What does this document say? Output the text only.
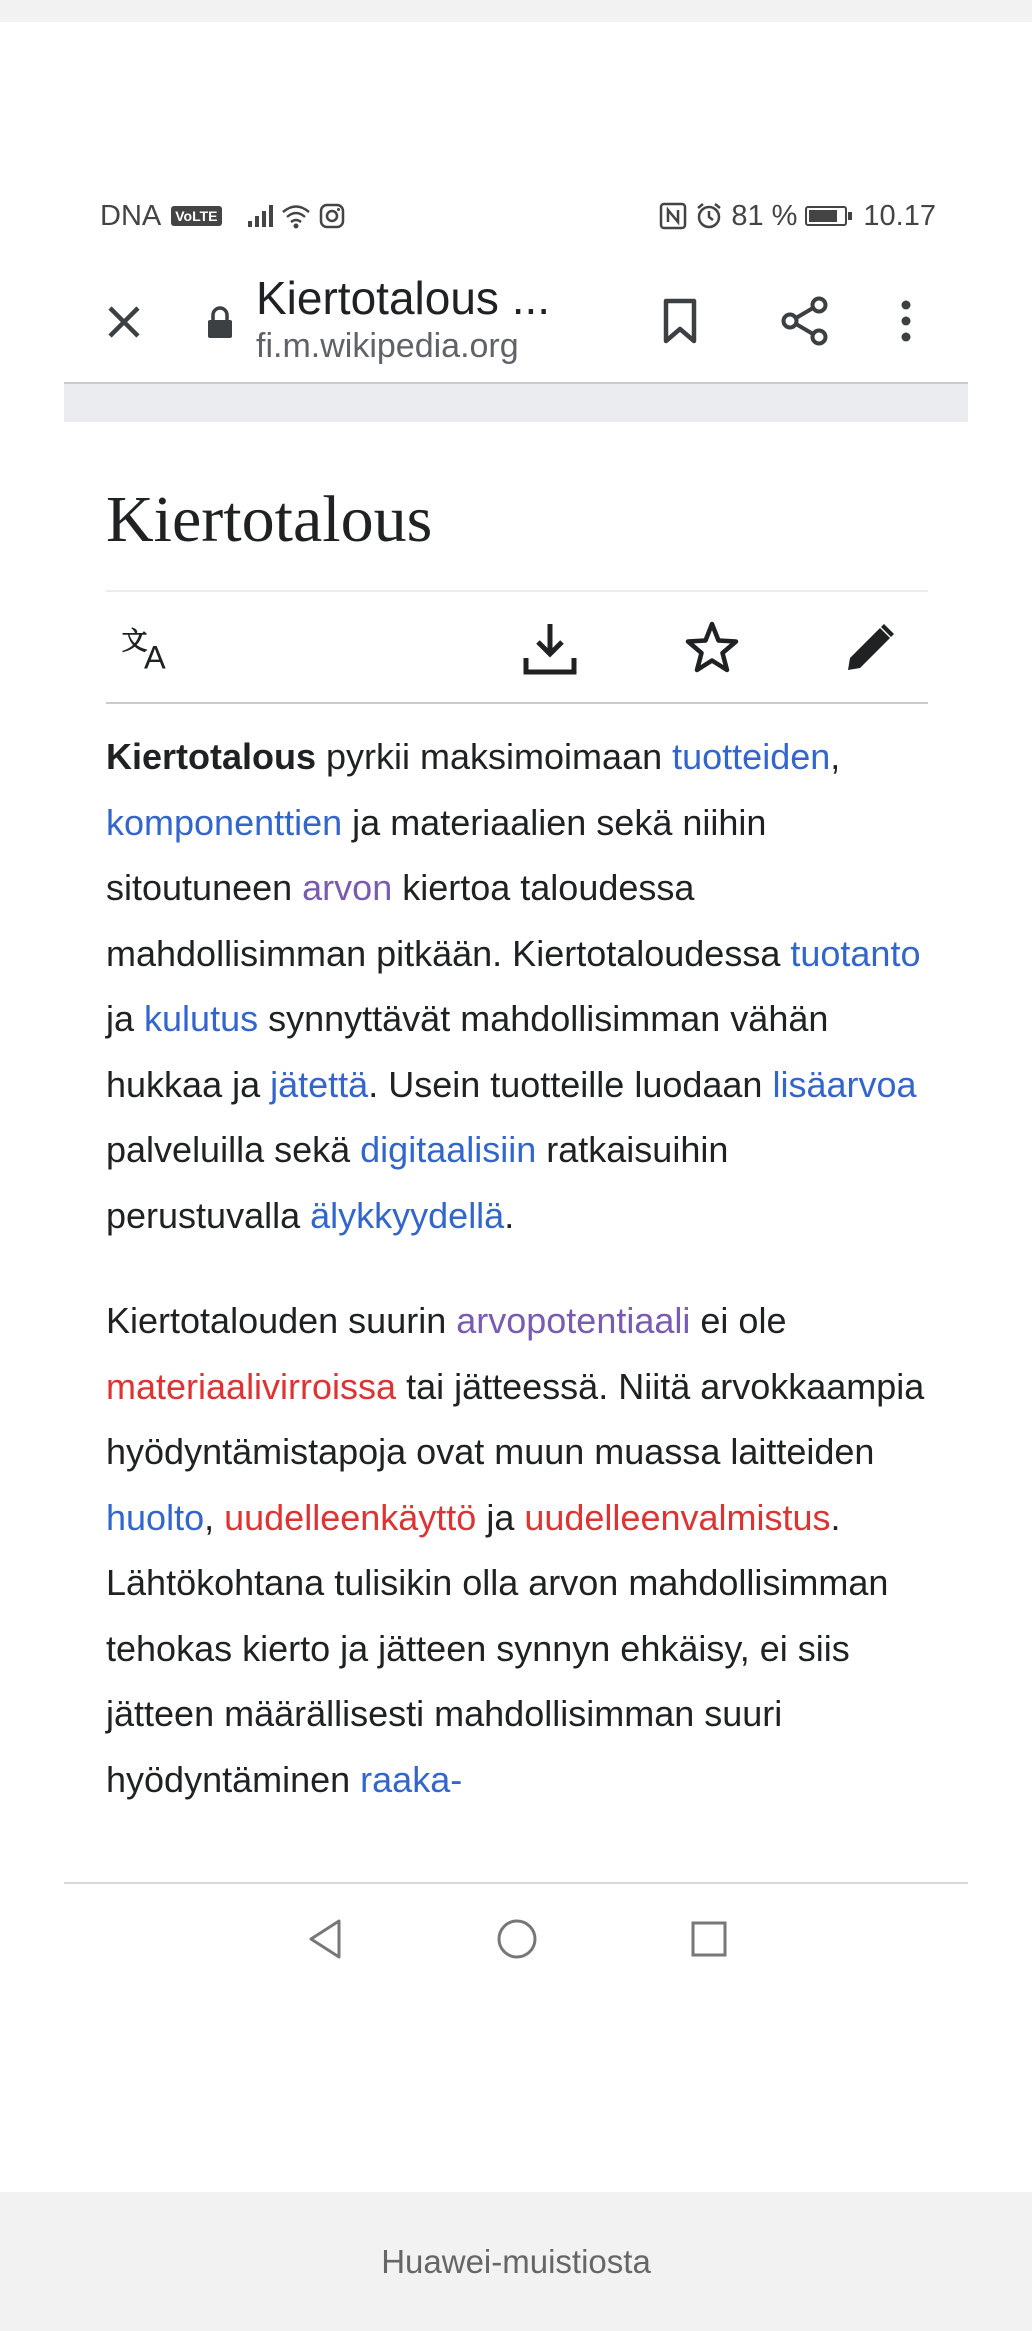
DNA VoLTE	81 % 10.17
Kiertotalous ...
fi.m.wikipedia.org
Kiertotalous
文
A

Kiertotalous pyrkii maksimoimaan tuotteiden, komponenttien ja materiaalien sekä niihin sitoutuneen arvon kiertoa taloudessa mahdollisimman pitkään. Kiertotaloudessa tuotanto ja kulutus synnyttävät mahdollisimman vähän hukkaa ja jätettä. Usein tuotteille luodaan lisäarvoa palveluilla sekä digitaalisiin ratkaisuihin perustuvalla älykkyydellä.

Kiertotalouden suurin arvopotentiaali ei ole materiaalivirroissa tai jätteessä. Niitä arvokkaampia hyödyntämistapoja ovat muun muassa laitteiden huolto, uudelleenkäyttö ja uudelleenvalmistus. Lähtökohtana tulisikin olla arvon mahdollisimman tehokas kierto ja jätteen synnyn ehkäisy, ei siis jätteen määrällisesti mahdollisimman suuri hyödyntäminen raaka-

Huawei-muistiosta
